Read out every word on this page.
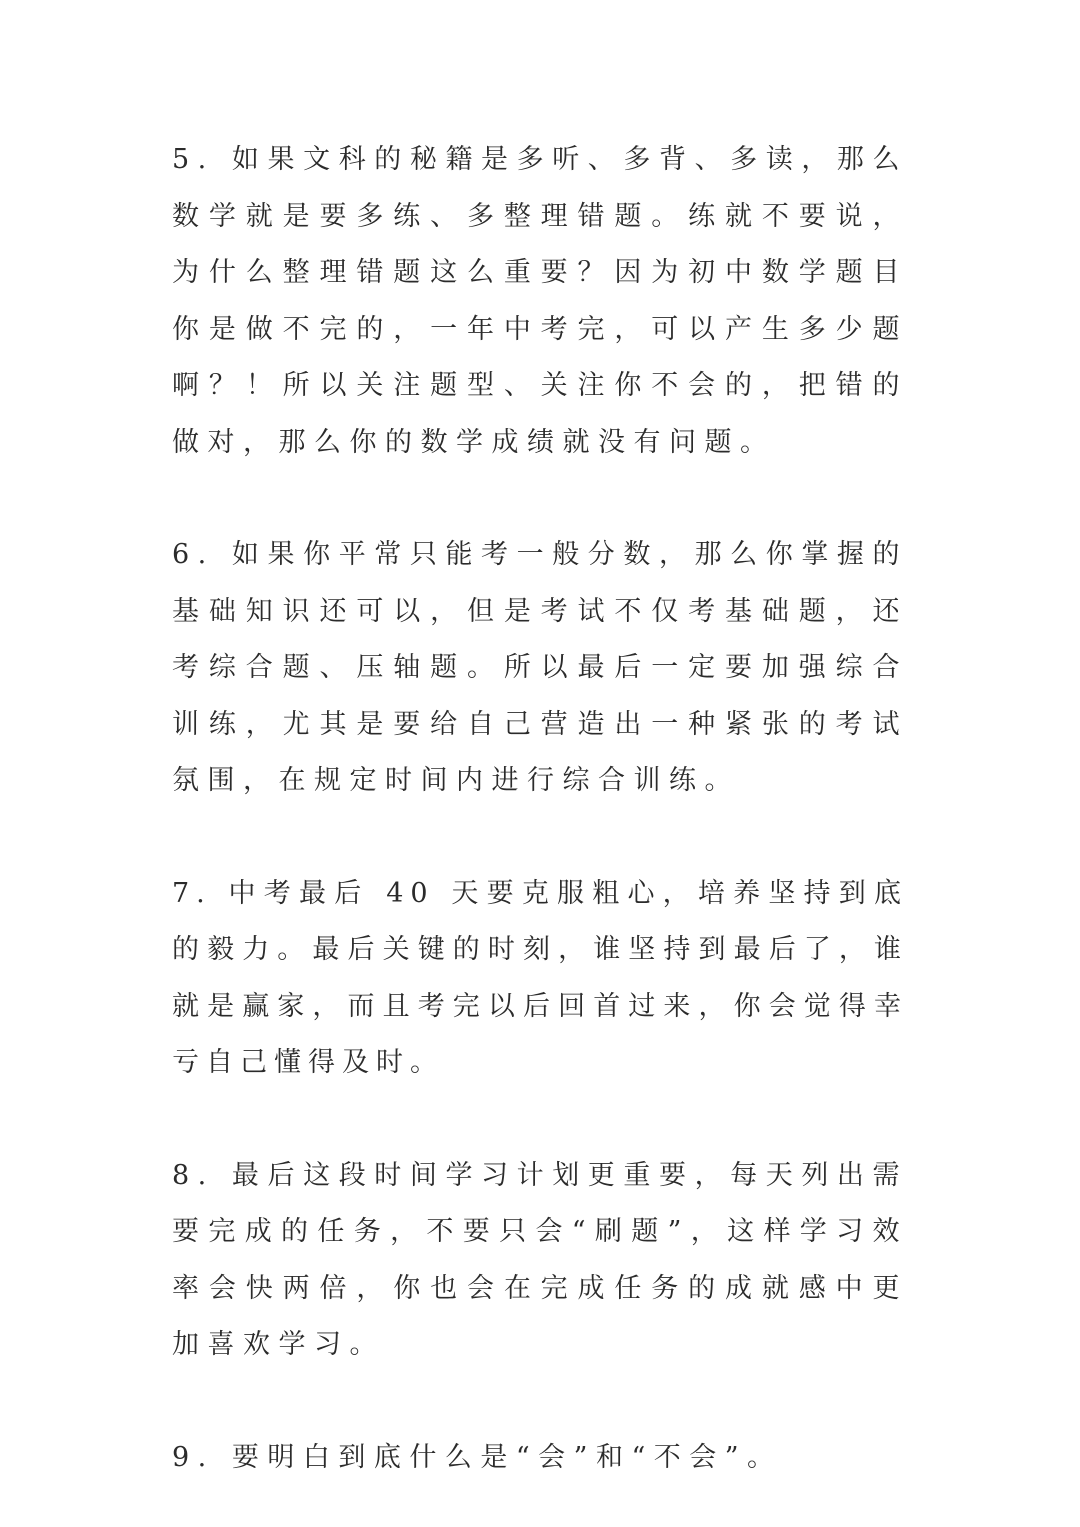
5. 如果文科的秘籍是多听、多背、多读，那么数学就是要多练、多整理错题。练就不要说，为什么整理错题这么重要？因为初中数学题目你是做不完的，一年中考完，可以产生多少题啊？！所以关注题型、关注你不会的，把错的做对，那么你的数学成绩就没有问题。

6. 如果你平常只能考一般分数，那么你掌握的基础知识还可以，但是考试不仅考基础题，还考综合题、压轴题。所以最后一定要加强综合训练，尤其是要给自己营造出一种紧张的考试氛围，在规定时间内进行综合训练。

7. 中考最后 40 天要克服粗心，培养坚持到底的毅力。最后关键的时刻，谁坚持到最后了，谁就是赢家，而且考完以后回首过来，你会觉得幸亏自己懂得及时。

8. 最后这段时间学习计划更重要，每天列出需要完成的任务，不要只会“刷题”，这样学习效率会快两倍，你也会在完成任务的成就感中更加喜欢学习。

9. 要明白到底什么是“会”和“不会”。
